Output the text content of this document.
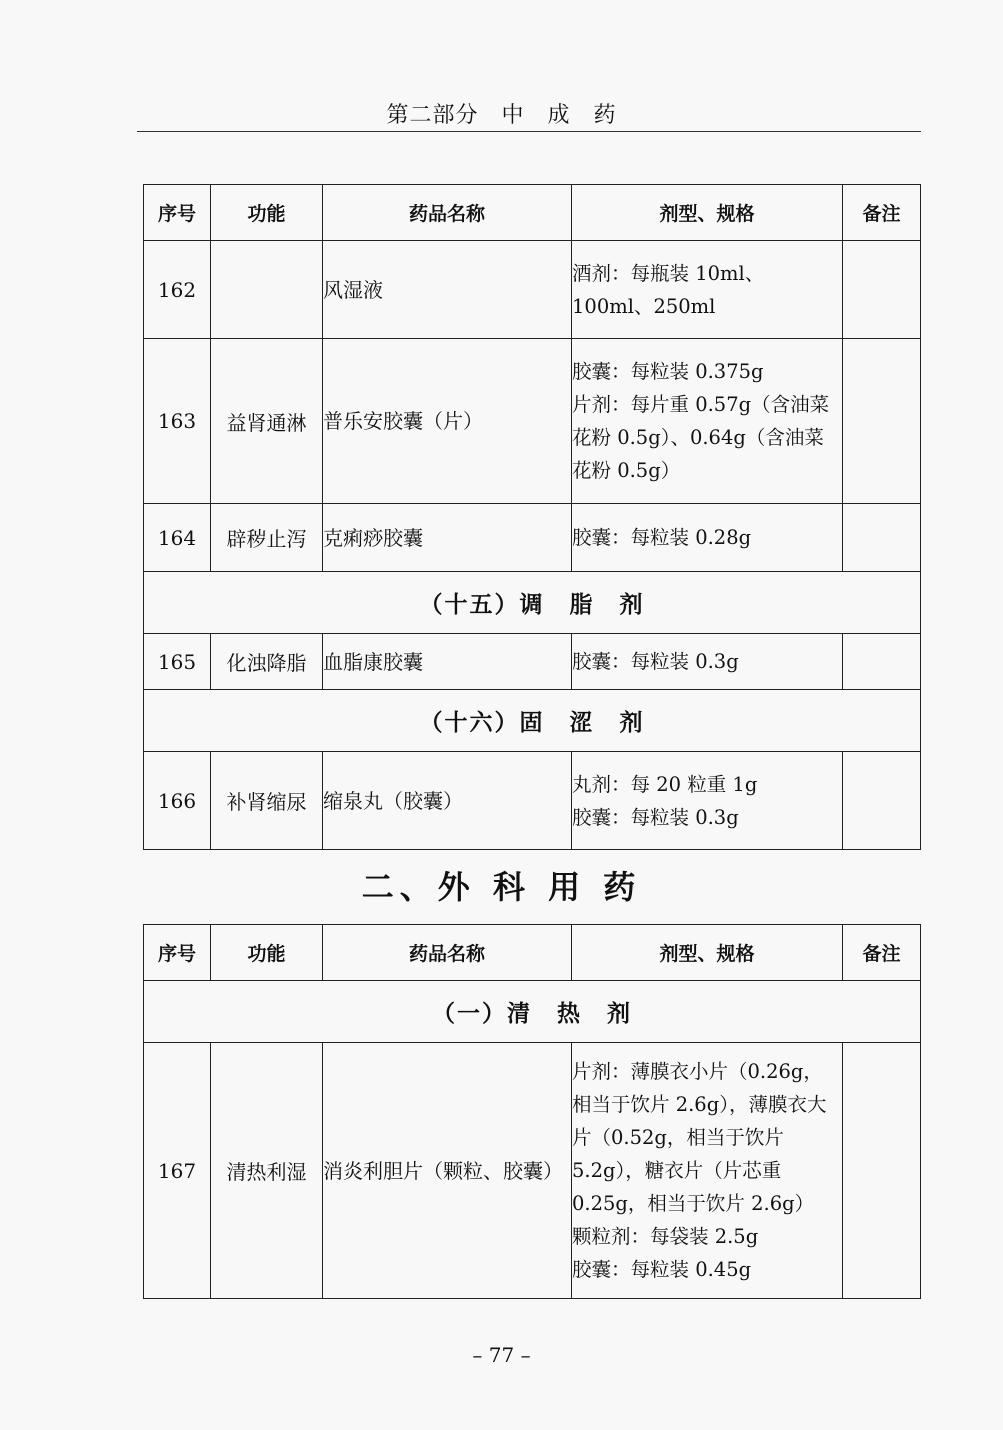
第二部分　中　成　药
序号	功能	药品名称	剂型、规格	备注
162		风湿液	酒剂：每瓶装 10ml、100ml、250ml	
163	益肾通淋	普乐安胶囊（片）	胶囊：每粒装 0.375g
片剂：每片重 0.57g（含油菜花粉 0.5g）、0.64g（含油菜花粉 0.5g）	
164	辟秽止泻	克痢痧胶囊	胶囊：每粒装 0.28g	
（十五）调　脂　剂				
165	化浊降脂	血脂康胶囊	胶囊：每粒装 0.3g	
（十六）固　涩　剂				
166	补肾缩尿	缩泉丸（胶囊）	丸剂：每 20 粒重 1g
胶囊：每粒装 0.3g	
二、外 科 用 药
序号	功能	药品名称	剂型、规格	备注
（一）清　热　剂				
167	清热利湿	消炎利胆片（颗粒、胶囊）	片剂：薄膜衣小片（0.26g，相当于饮片 2.6g），薄膜衣大片（0.52g，相当于饮片 5.2g），糖衣片（片芯重 0.25g，相当于饮片 2.6g）
颗粒剂：每袋装 2.5g
胶囊：每粒装 0.45g	
– 77 –
